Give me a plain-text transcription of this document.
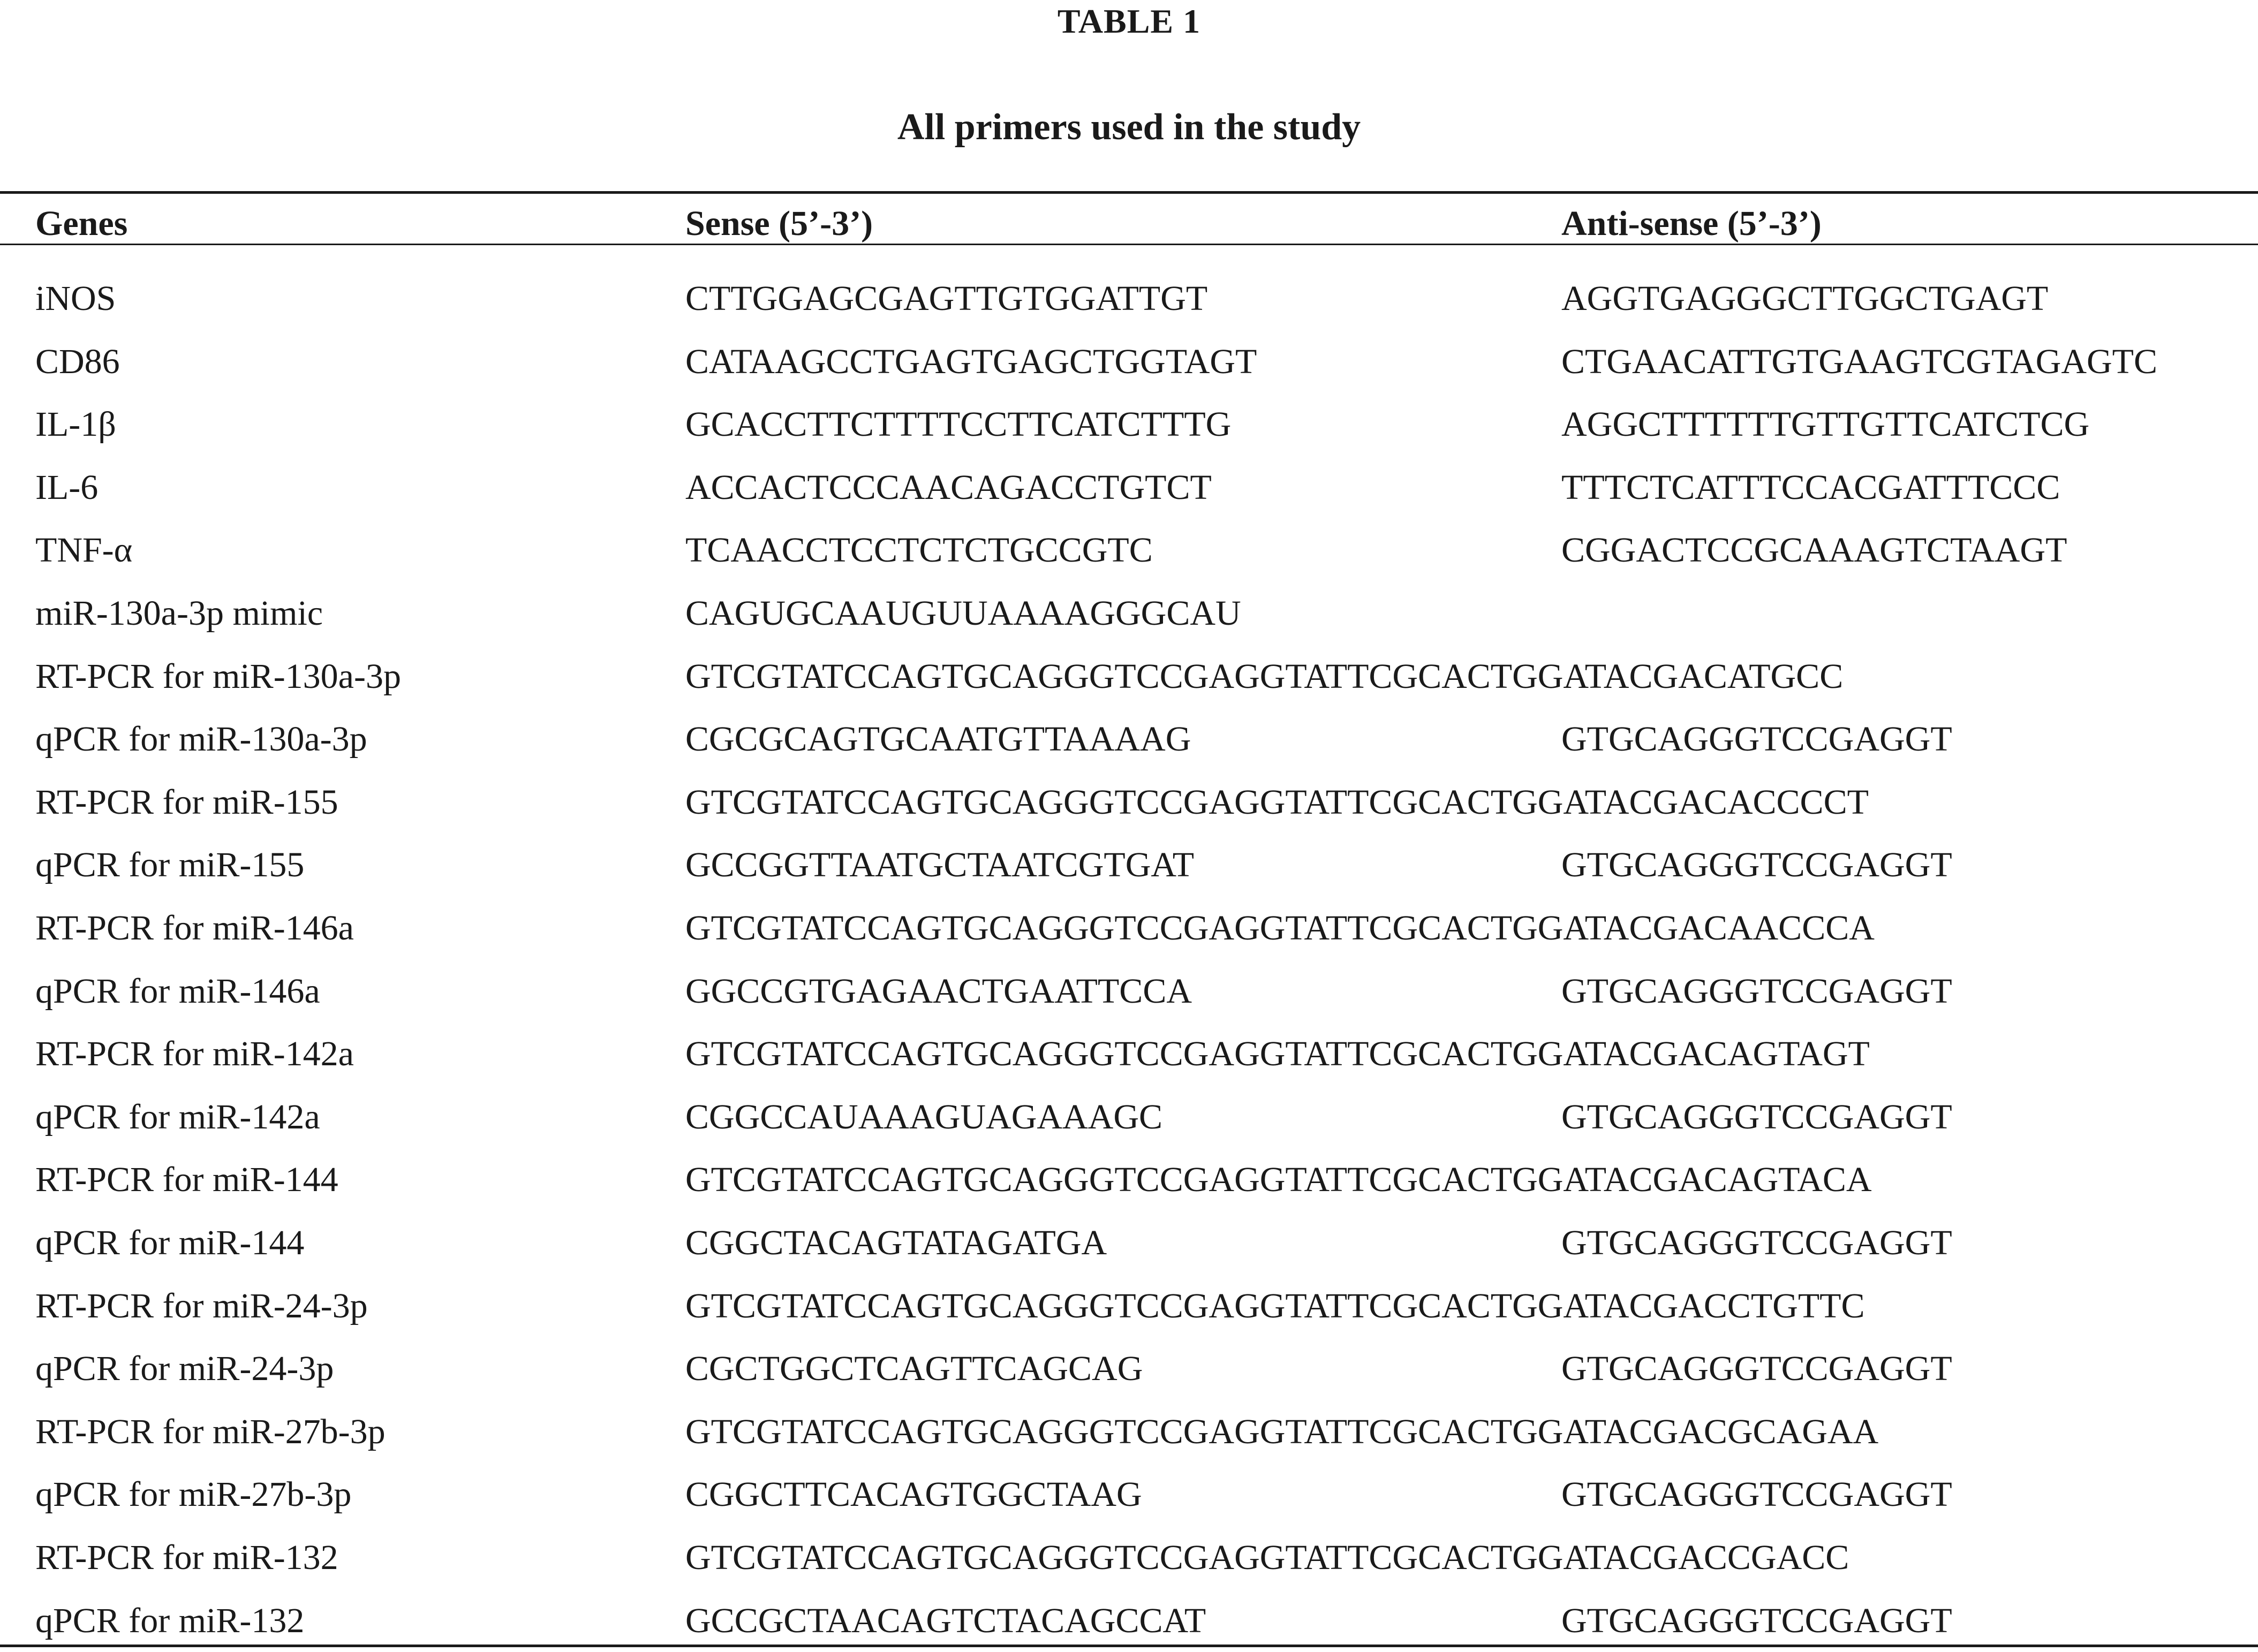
TABLE 1
All primers used in the study
Genes	Sense (5’-3’)	Anti-sense (5’-3’)
iNOS	CTTGGAGCGAGTTGTGGATTGT	AGGTGAGGGCTTGGCTGAGT
CD86	CATAAGCCTGAGTGAGCTGGTAGT	CTGAACATTGTGAAGTCGTAGAGTC
IL-1β	GCACCTTCTTTTCCTTCATCTTTG	AGGCTTTTTTGTTGTTCATCTCG
IL-6	ACCACTCCCAACAGACCTGTCT	TTTCTCATTTCCACGATTTCCC
TNF-α	TCAACCTCCTCTCTGCCGTC	CGGACTCCGCAAAGTCTAAGT
miR-130a-3p mimic	CAGUGCAAUGUUAAAAGGGCAU
RT-PCR for miR-130a-3p	GTCGTATCCAGTGCAGGGTCCGAGGTATTCGCACTGGATACGACATGCC
qPCR for miR-130a-3p	CGCGCAGTGCAATGTTAAAAG	GTGCAGGGTCCGAGGT
RT-PCR for miR-155	GTCGTATCCAGTGCAGGGTCCGAGGTATTCGCACTGGATACGACACCCCT
qPCR for miR-155	GCCGGTTAATGCTAATCGTGAT	GTGCAGGGTCCGAGGT
RT-PCR for miR-146a	GTCGTATCCAGTGCAGGGTCCGAGGTATTCGCACTGGATACGACAACCCA
qPCR for miR-146a	GGCCGTGAGAACTGAATTCCA	GTGCAGGGTCCGAGGT
RT-PCR for miR-142a	GTCGTATCCAGTGCAGGGTCCGAGGTATTCGCACTGGATACGACAGTAGT
qPCR for miR-142a	CGGCCAUAAAGUAGAAAGC	GTGCAGGGTCCGAGGT
RT-PCR for miR-144	GTCGTATCCAGTGCAGGGTCCGAGGTATTCGCACTGGATACGACAGTACA
qPCR for miR-144	CGGCTACAGTATAGATGA	GTGCAGGGTCCGAGGT
RT-PCR for miR-24-3p	GTCGTATCCAGTGCAGGGTCCGAGGTATTCGCACTGGATACGACCTGTTC
qPCR for miR-24-3p	CGCTGGCTCAGTTCAGCAG	GTGCAGGGTCCGAGGT
RT-PCR for miR-27b-3p	GTCGTATCCAGTGCAGGGTCCGAGGTATTCGCACTGGATACGACGCAGAA
qPCR for miR-27b-3p	CGGCTTCACAGTGGCTAAG	GTGCAGGGTCCGAGGT
RT-PCR for miR-132	GTCGTATCCAGTGCAGGGTCCGAGGTATTCGCACTGGATACGACCGACC
qPCR for miR-132	GCCGCTAACAGTCTACAGCCAT	GTGCAGGGTCCGAGGT
